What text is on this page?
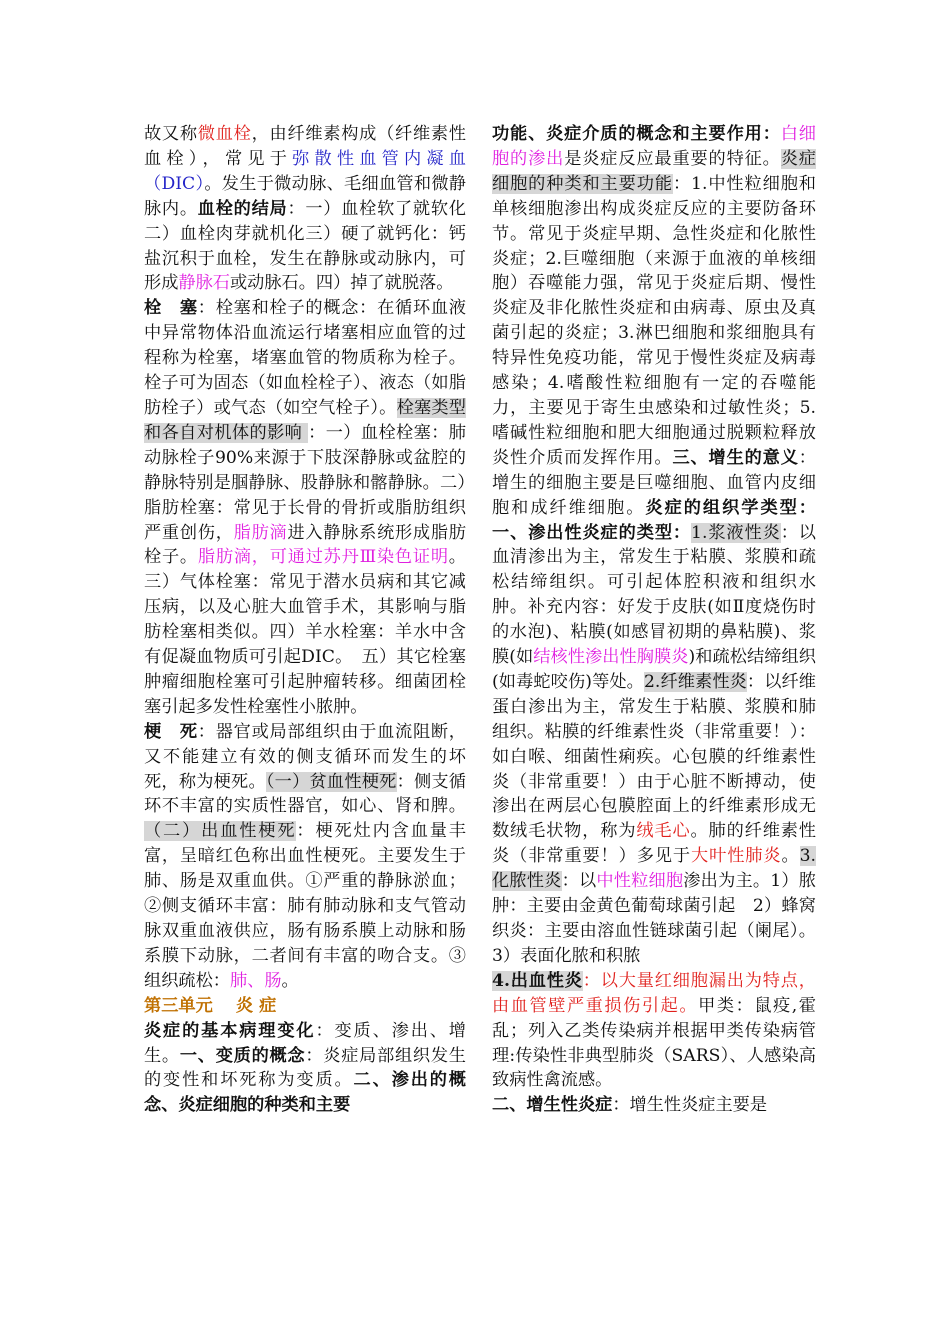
故又称微血栓，由纤维素构成（纤维素性血栓），常见于弥散性血管内凝血（DIC）。发生于微动脉、毛细血管和微静脉内。血栓的结局：一）血栓软了就软化二）血栓肉芽就机化三）硬了就钙化：钙盐沉积于血栓，发生在静脉或动脉内，可形成静脉石或动脉石。四）掉了就脱落。

栓　塞：栓塞和栓子的概念：在循环血液中异常物体沿血流运行堵塞相应血管的过程称为栓塞，堵塞血管的物质称为栓子。栓子可为固态（如血栓栓子）、液态（如脂肪栓子）或气态（如空气栓子）。栓塞类型和各自对机体的影响 ：一）血栓栓塞：肺动脉栓子90%来源于下肢深静脉或盆腔的静脉特别是腘静脉、股静脉和髂静脉。二）脂肪栓塞：常见于长骨的骨折或脂肪组织严重创伤，脂肪滴进入静脉系统形成脂肪栓子。脂肪滴，可通过苏丹Ⅲ染色证明。三）气体栓塞：常见于潜水员病和其它减压病，以及心脏大血管手术，其影响与脂肪栓塞相类似。四）羊水栓塞：羊水中含有促凝血物质可引起DIC。　五）其它栓塞 肿瘤细胞栓塞可引起肿瘤转移。细菌团栓塞引起多发性栓塞性小脓肿。

梗　死：器官或局部组织由于血流阻断，又不能建立有效的侧支循环而发生的坏死，称为梗死。（一）贫血性梗死：侧支循环不丰富的实质性器官，如心、肾和脾。（二）出血性梗死：梗死灶内含血量丰富，呈暗红色称出血性梗死。主要发生于肺、肠是双重血供。①严重的静脉淤血；②侧支循环丰富：肺有肺动脉和支气管动脉双重血液供应，肠有肠系膜上动脉和肠系膜下动脉，二者间有丰富的吻合支。③组织疏松：肺、肠。

第三单元　 炎 症

炎症的基本病理变化：变质、渗出、增生。一、变质的概念：炎症局部组织发生的变性和坏死称为变质。二、渗出的概念、炎症细胞的种类和主要

功能、炎症介质的概念和主要作用：白细胞的渗出是炎症反应最重要的特征。炎症细胞的种类和主要功能：1.中性粒细胞和单核细胞渗出构成炎症反应的主要防备环节。常见于炎症早期、急性炎症和化脓性炎症；2.巨噬细胞（来源于血液的单核细胞）吞噬能力强，常见于炎症后期、慢性炎症及非化脓性炎症和由病毒、原虫及真菌引起的炎症；3.淋巴细胞和浆细胞具有特异性免疫功能，常见于慢性炎症及病毒感染；4.嗜酸性粒细胞有一定的吞噬能力，主要见于寄生虫感染和过敏性炎；5.嗜碱性粒细胞和肥大细胞通过脱颗粒释放炎性介质而发挥作用。三、增生的意义：增生的细胞主要是巨噬细胞、血管内皮细胞和成纤维细胞。炎症的组织学类型：一、渗出性炎症的类型：1.浆液性炎：以血清渗出为主，常发生于粘膜、浆膜和疏松结缔组织。可引起体腔积液和组织水肿。补充内容：好发于皮肤(如Ⅱ度烧伤时的水泡)、粘膜(如感冒初期的鼻粘膜)、浆膜(如结核性渗出性胸膜炎)和疏松结缔组织(如毒蛇咬伤)等处。2.纤维素性炎：以纤维蛋白渗出为主，常发生于粘膜、浆膜和肺组织。粘膜的纤维素性炎（非常重要！）：如白喉、细菌性痢疾。心包膜的纤维素性炎（非常重要！）由于心脏不断搏动，使渗出在两层心包膜腔面上的纤维素形成无数绒毛状物，称为绒毛心。肺的纤维素性炎（非常重要！）多见于大叶性肺炎。3.化脓性炎：以中性粒细胞渗出为主。1）脓肿：主要由金黄色葡萄球菌引起　2）蜂窝织炎：主要由溶血性链球菌引起（阑尾）。3）表面化脓和积脓

4.出血性炎：以大量红细胞漏出为特点，由血管壁严重损伤引起。甲类：鼠疫,霍乱；列入乙类传染病并根据甲类传染病管理:传染性非典型肺炎（SARS）、人感染高致病性禽流感。

二、增生性炎症：增生性炎症主要是
